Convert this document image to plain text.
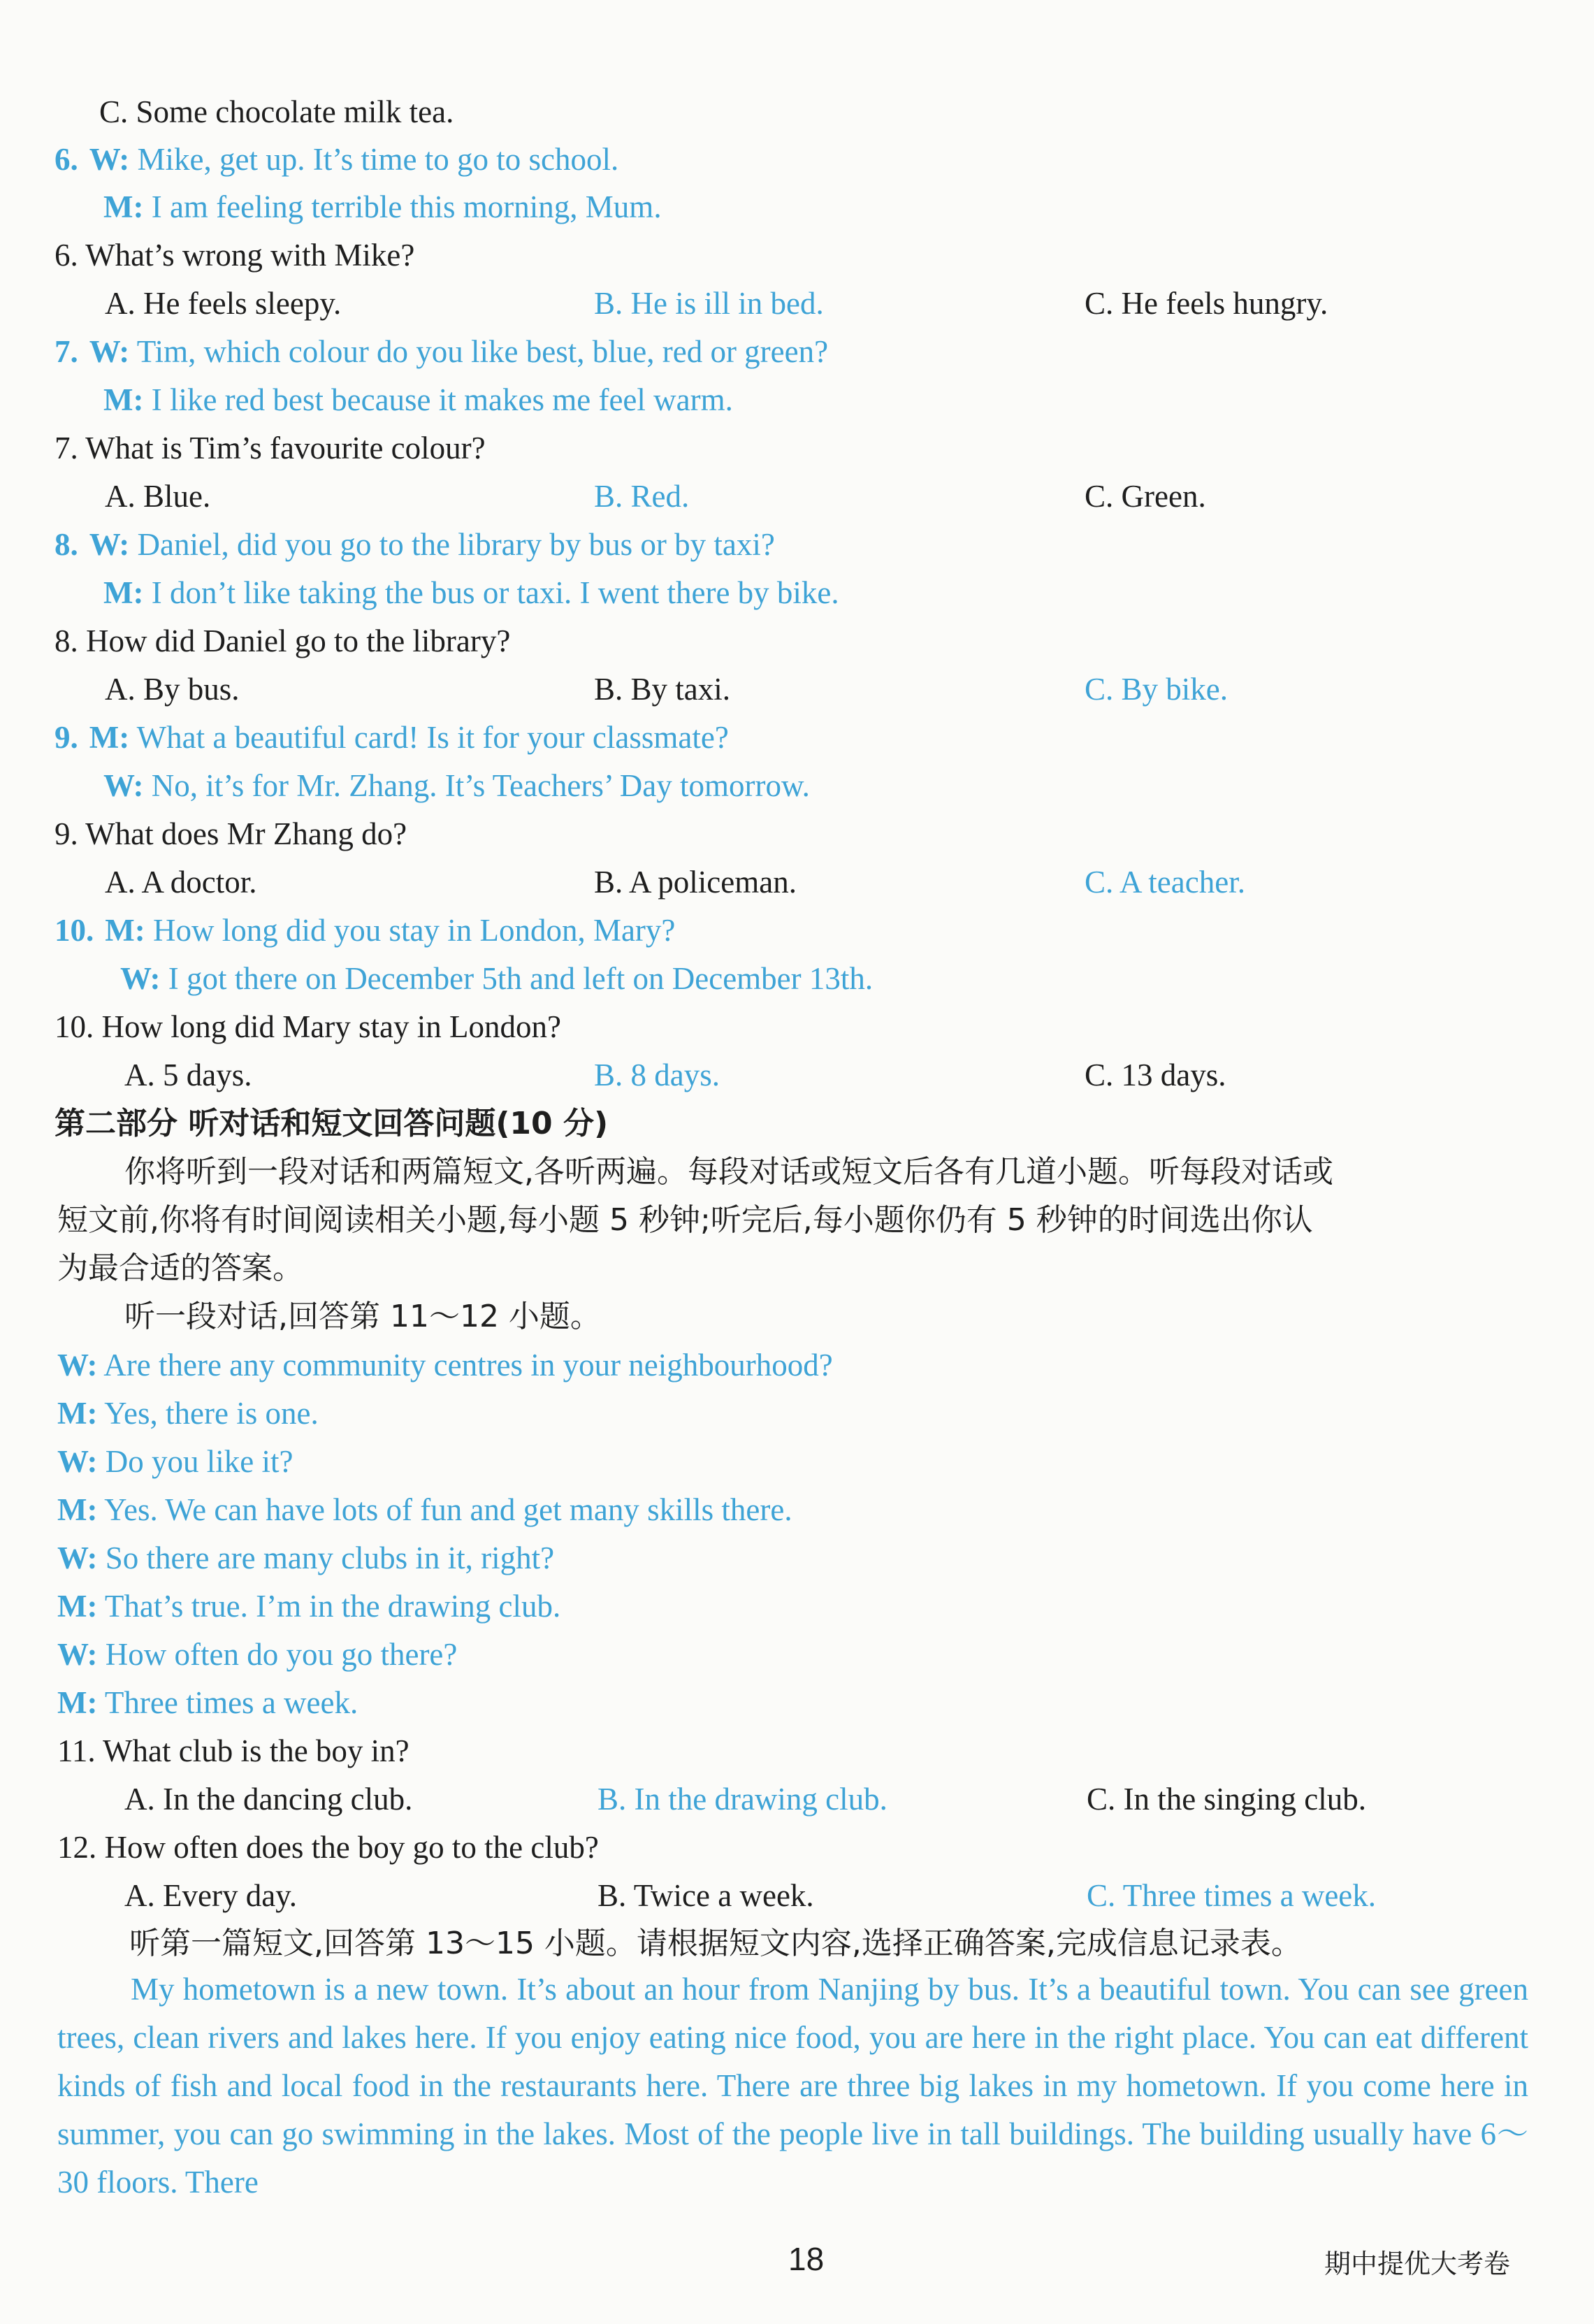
C. Some chocolate milk tea.
6. W: Mike, get up. It’s time to go to school.
M: I am feeling terrible this morning, Mum.
6. What’s wrong with Mike?
A. He feels sleepy.	B. He is ill in bed.	C. He feels hungry.
7. W: Tim, which colour do you like best, blue, red or green?
M: I like red best because it makes me feel warm.
7. What is Tim’s favourite colour?
A. Blue.	B. Red.	C. Green.
8. W: Daniel, did you go to the library by bus or by taxi?
M: I don’t like taking the bus or taxi. I went there by bike.
8. How did Daniel go to the library?
A. By bus.	B. By taxi.	C. By bike.
9. M: What a beautiful card! Is it for your classmate?
W: No, it’s for Mr. Zhang. It’s Teachers’ Day tomorrow.
9. What does Mr Zhang do?
A. A doctor.	B. A policeman.	C. A teacher.
10. M: How long did you stay in London, Mary?
W: I got there on December 5th and left on December 13th.
10. How long did Mary stay in London?
A. 5 days.	B. 8 days.	C. 13 days.
第二部分 听对话和短文回答问题(10 分)
你将听到一段对话和两篇短文,各听两遍。每段对话或短文后各有几道小题。听每段对话或
短文前,你将有时间阅读相关小题,每小题 5 秒钟;听完后,每小题你仍有 5 秒钟的时间选出你认
为最合适的答案。
听一段对话,回答第 11～12 小题。
W: Are there any community centres in your neighbourhood?
M: Yes, there is one.
W: Do you like it?
M: Yes. We can have lots of fun and get many skills there.
W: So there are many clubs in it, right?
M: That’s true. I’m in the drawing club.
W: How often do you go there?
M: Three times a week.
11. What club is the boy in?
A. In the dancing club.	B. In the drawing club.	C. In the singing club.
12. How often does the boy go to the club?
A. Every day.	B. Twice a week.	C. Three times a week.
听第一篇短文,回答第 13～15 小题。请根据短文内容,选择正确答案,完成信息记录表。
My hometown is a new town. It’s about an hour from Nanjing by bus. It’s a beautiful town. You can see green trees, clean rivers and lakes here. If you enjoy eating nice food, you are here in the right place. You can eat different kinds of fish and local food in the restaurants here. There are three big lakes in my hometown. If you come here in summer, you can go swimming in the lakes. Most of the people live in tall buildings. The building usually have 6～30 floors. There
18	期中提优大考卷
